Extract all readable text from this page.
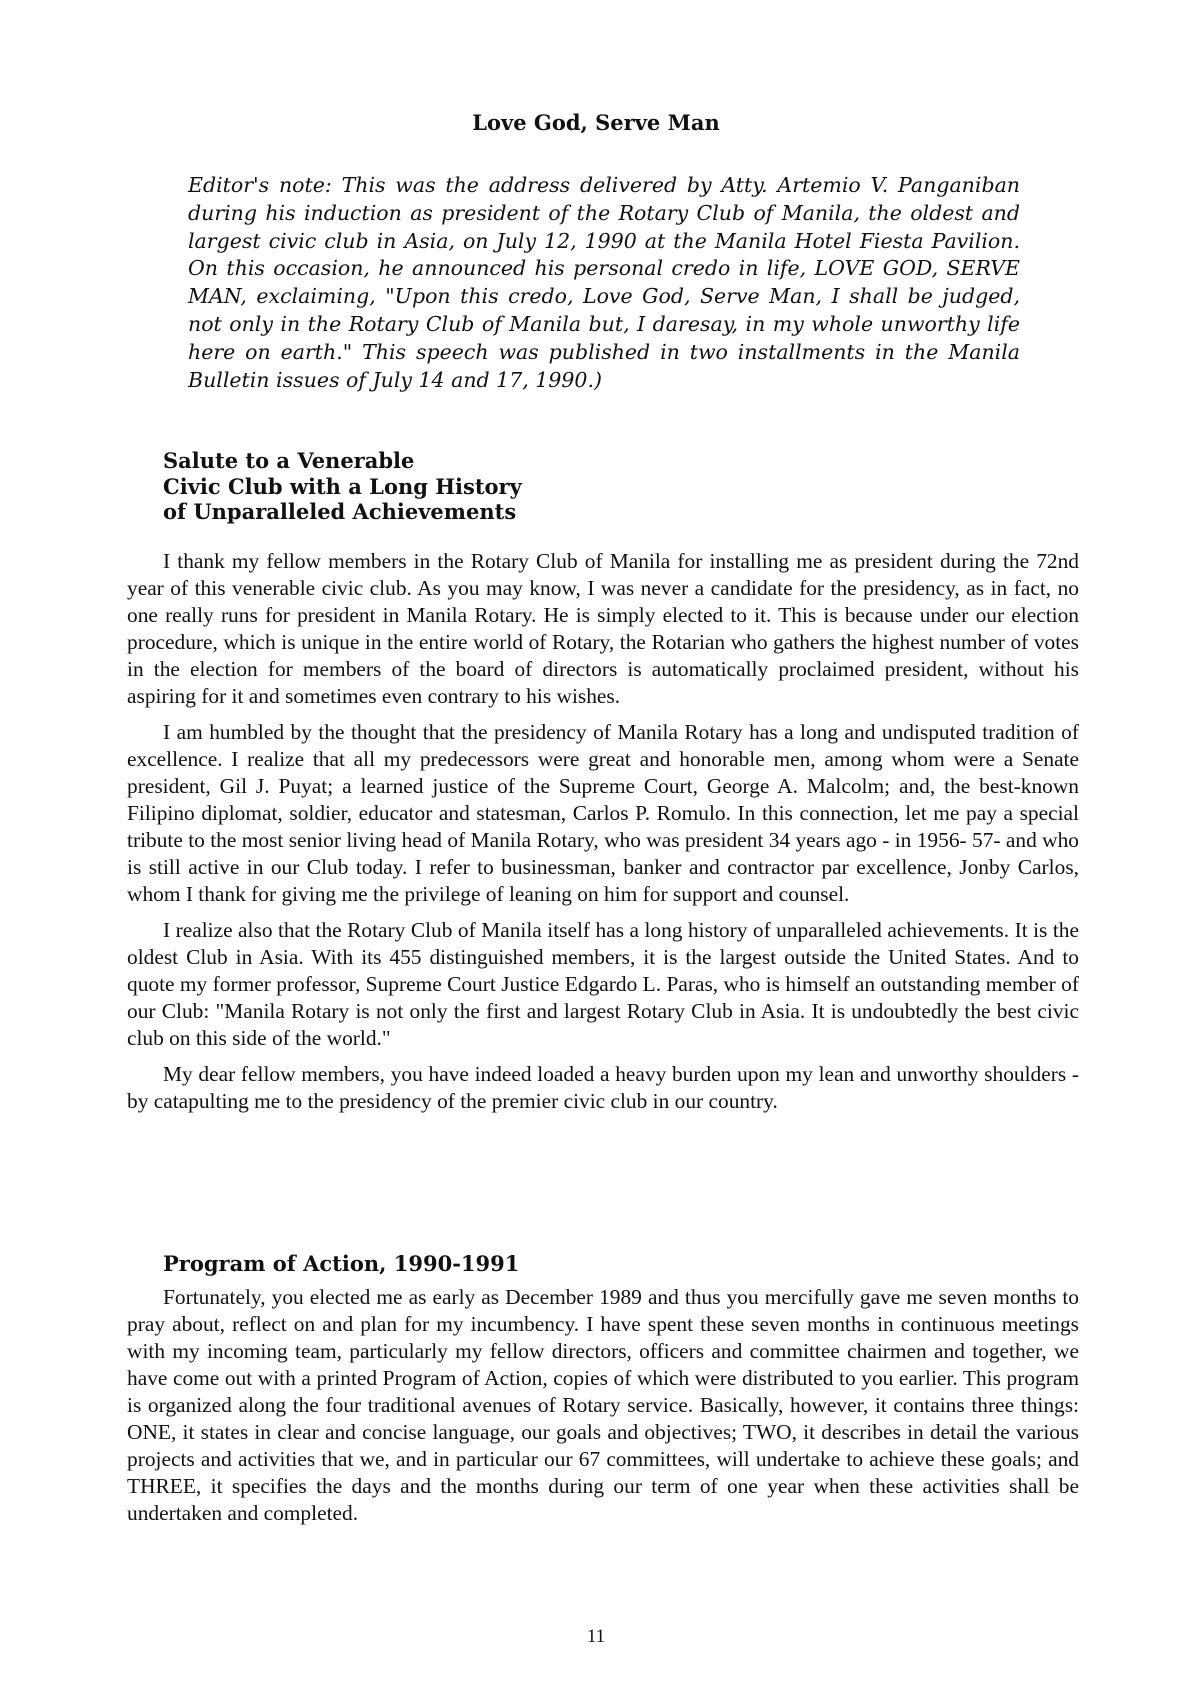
Love God, Serve Man
Editor's note: This was the address delivered by Atty. Artemio V. Panganiban during his induction as president of the Rotary Club of Manila, the oldest and largest civic club in Asia, on July 12, 1990 at the Manila Hotel Fiesta Pavilion. On this occasion, he announced his personal credo in life, LOVE GOD, SERVE MAN, exclaiming, "Upon this credo, Love God, Serve Man, I shall be judged, not only in the Rotary Club of Manila but, I daresay, in my whole unworthy life here on earth." This speech was published in two installments in the Manila Bulletin issues of July 14 and 17, 1990.)
Salute to a Venerable
Civic Club with a Long History
of Unparalleled Achievements

I thank my fellow members in the Rotary Club of Manila for installing me as president during the 72nd year of this venerable civic club. As you may know, I was never a candidate for the presidency, as in fact, no one really runs for president in Manila Rotary. He is simply elected to it. This is because under our election procedure, which is unique in the entire world of Rotary, the Rotarian who gathers the highest number of votes in the election for members of the board of directors is automatically proclaimed president, without his aspiring for it and sometimes even contrary to his wishes.

I am humbled by the thought that the presidency of Manila Rotary has a long and undisputed tradition of excellence. I realize that all my predecessors were great and honorable men, among whom were a Senate president, Gil J. Puyat; a learned justice of the Supreme Court, George A. Malcolm; and, the best-known Filipino diplomat, soldier, educator and statesman, Carlos P. Romulo. In this connection, let me pay a special tribute to the most senior living head of Manila Rotary, who was president 34 years ago - in 1956- 57- and who is still active in our Club today. I refer to businessman, banker and contractor par excellence, Jonby Carlos, whom I thank for giving me the privilege of leaning on him for support and counsel.

I realize also that the Rotary Club of Manila itself has a long history of unparalleled achievements. It is the oldest Club in Asia. With its 455 distinguished members, it is the largest outside the United States. And to quote my former professor, Supreme Court Justice Edgardo L. Paras, who is himself an outstanding member of our Club: "Manila Rotary is not only the first and largest Rotary Club in Asia. It is undoubtedly the best civic club on this side of the world."

My dear fellow members, you have indeed loaded a heavy burden upon my lean and unworthy shoulders - by catapulting me to the presidency of the premier civic club in our country.

Program of Action, 1990-1991

Fortunately, you elected me as early as December 1989 and thus you mercifully gave me seven months to pray about, reflect on and plan for my incumbency. I have spent these seven months in continuous meetings with my incoming team, particularly my fellow directors, officers and committee chairmen and together, we have come out with a printed Program of Action, copies of which were distributed to you earlier. This program is organized along the four traditional avenues of Rotary service. Basically, however, it contains three things: ONE, it states in clear and concise language, our goals and objectives; TWO, it describes in detail the various projects and activities that we, and in particular our 67 committees, will undertake to achieve these goals; and THREE, it specifies the days and the months during our term of one year when these activities shall be undertaken and completed.

11
